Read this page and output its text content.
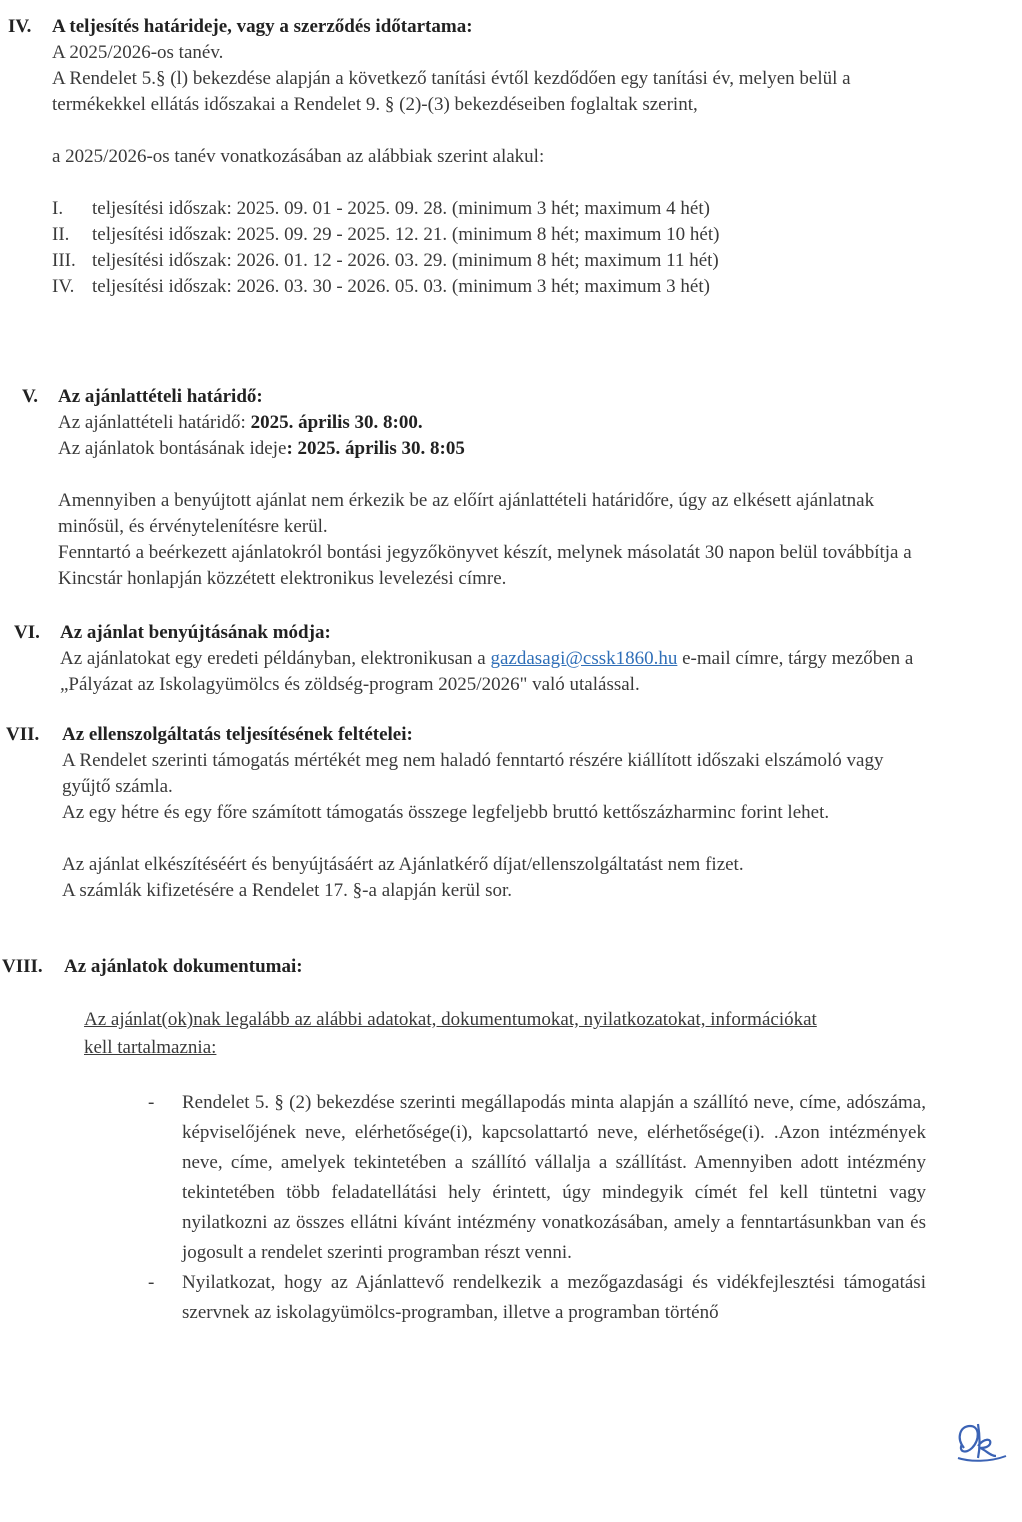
IV. A teljesítés határideje, vagy a szerződés időtartama:
A 2025/2026-os tanév.
A Rendelet 5.§ (l) bekezdése alapján a következő tanítási évtől kezdődően egy tanítási év, melyen belül a termékekkel ellátás időszakai a Rendelet 9. § (2)-(3) bekezdéseiben foglaltak szerint,
a 2025/2026-os tanév vonatkozásában az alábbiak szerint alakul:
I.	teljesítési időszak: 2025. 09. 01 - 2025. 09. 28. (minimum 3 hét; maximum 4 hét)
II.	teljesítési időszak: 2025. 09. 29 - 2025. 12. 21. (minimum 8 hét; maximum 10 hét)
III. teljesítési időszak: 2026. 01. 12 - 2026. 03. 29. (minimum 8 hét; maximum 11 hét)
IV. teljesítési időszak: 2026. 03. 30 - 2026. 05. 03. (minimum 3 hét; maximum 3 hét)
V. Az ajánlattételi határidő:
Az ajánlattételi határidő: 2025. április 30. 8:00.
Az ajánlatok bontásának ideje: 2025. április 30. 8:05
Amennyiben a benyújtott ajánlat nem érkezik be az előírt ajánlattételi határidőre, úgy az elkésett ajánlatnak minősül, és érvénytelenítésre kerül.
Fenntartó a beérkezett ajánlatokról bontási jegyzőkönyvet készít, melynek másolatát 30 napon belül továbbítja a Kincstár honlapján közzétett elektronikus levelezési címre.
VI. Az ajánlat benyújtásának módja:
Az ajánlatokat egy eredeti példányban, elektronikusan a gazdasagi@cssk1860.hu e-mail címre, tárgy mezőben a „Pályázat az Iskolagyümölcs és zöldség-program 2025/2026" való utalással.
VII. Az ellenszolgáltatás teljesítésének feltételei:
A Rendelet szerinti támogatás mértékét meg nem haladó fenntartó részére kiállított időszaki elszámoló vagy gyűjtő számla.
Az egy hétre és egy főre számított támogatás összege legfeljebb bruttó kettőszázharminc forint lehet.
Az ajánlat elkészítéséért és benyújtásáért az Ajánlatkérő díjat/ellenszolgáltatást nem fizet.
A számlák kifizetésére a Rendelet 17. §-a alapján kerül sor.
VIII. Az ajánlatok dokumentumai:
Az ajánlat(ok)nak legalább az alábbi adatokat, dokumentumokat, nyilatkozatokat, információkat kell tartalmaznia:
- Rendelet 5. § (2) bekezdése szerinti megállapodás minta alapján a szállító neve, címe, adószáma, képviselőjének neve, elérhetősége(i), kapcsolattartó neve, elérhetősége(i). .Azon intézmények neve, címe, amelyek tekintetében a szállító vállalja a szállítást. Amennyiben adott intézmény tekintetében több feladatellátási hely érintett, úgy mindegyik címét fel kell tüntetni vagy nyilatkozni az összes ellátni kívánt intézmény vonatkozásában, amely a fenntartásunkban van és jogosult a rendelet szerinti programban részt venni.
- Nyilatkozat, hogy az Ajánlattevő rendelkezik a mezőgazdasági és vidékfejlesztési támogatási szervnek az iskolagyümölcs-programban, illetve a programban történő
